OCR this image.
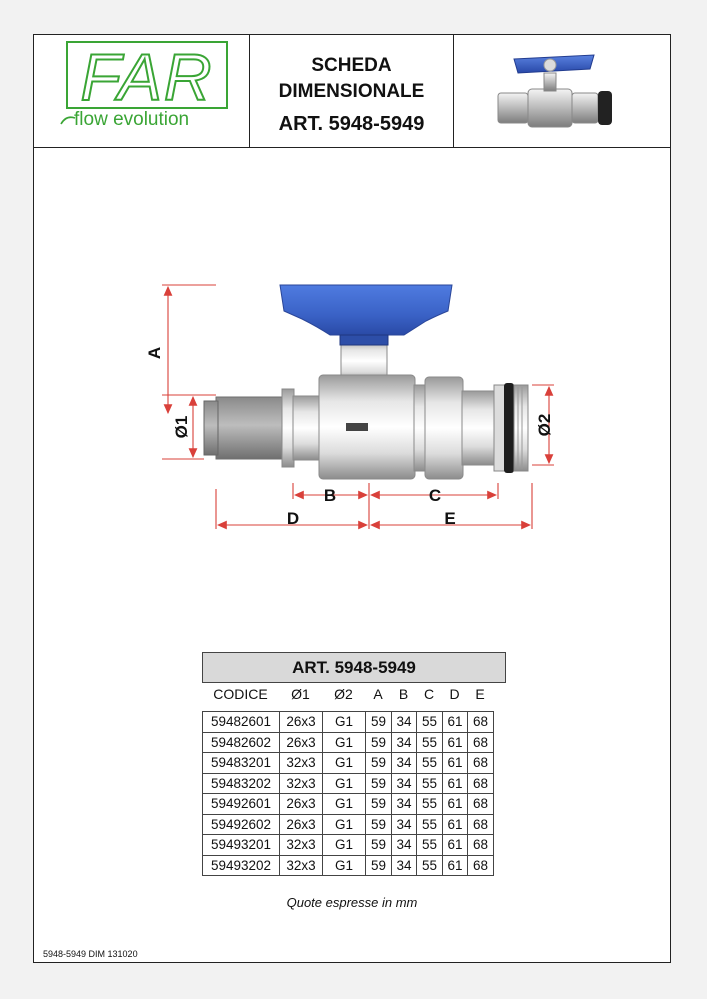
FAR
flow evolution
SCHEDA
DIMENSIONALE
ART. 5948-5949
A
Ø1	Ø2
B	C
D	E
ART. 5948-5949
CODICE	Ø1	Ø2	A	B	C	D	E
59482601	26x3	G1	59	34	55	61	68
59482602	26x3	G1	59	34	55	61	68
59483201	32x3	G1	59	34	55	61	68
59483202	32x3	G1	59	34	55	61	68
59492601	26x3	G1	59	34	55	61	68
59492602	26x3	G1	59	34	55	61	68
59493201	32x3	G1	59	34	55	61	68
59493202	32x3	G1	59	34	55	61	68
Quote espresse in mm
5948-5949 DIM 131020
